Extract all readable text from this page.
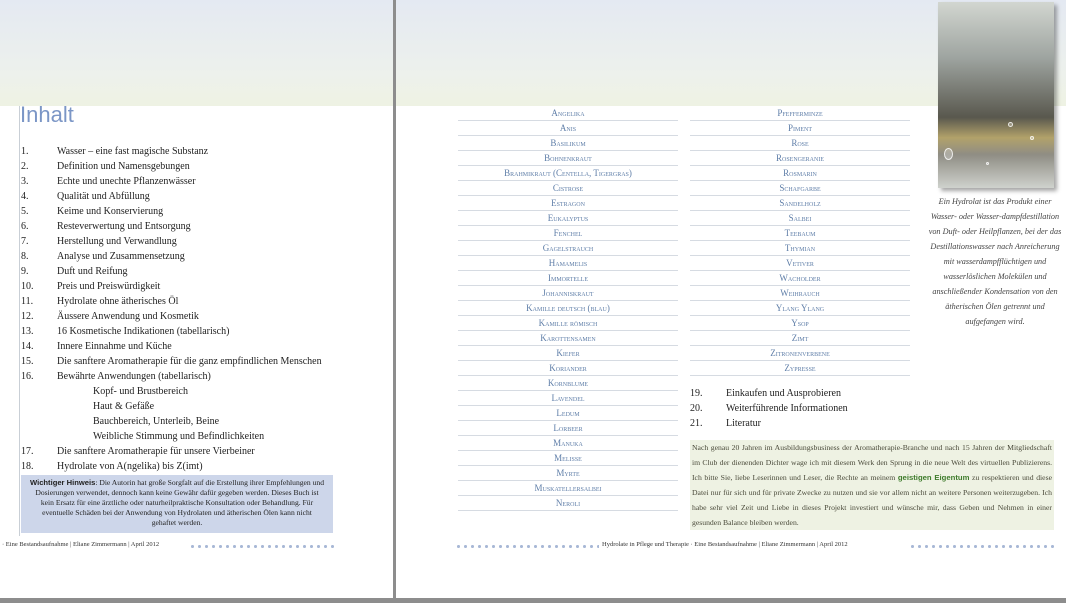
Inhalt
1.	Wasser – eine fast magische Substanz
2.	Definition und Namensgebungen
3.	Echte und unechte Pflanzenwässer
4.	Qualität und Abfüllung
5.	Keime und Konservierung
6.	Resteverwertung und Entsorgung
7.	Herstellung und Verwandlung
8.	Analyse und Zusammensetzung
9.	Duft und Reifung
10. Preis und Preiswürdigkeit
11. Hydrolate ohne ätherisches Öl
12. Äussere Anwendung und Kosmetik
13. 16 Kosmetische Indikationen (tabellarisch)
14. Innere Einnahme und Küche
15. Die sanftere Aromatherapie für die ganz empfindlichen Menschen
16. Bewährte Anwendungen (tabellarisch)
Kopf- und Brustbereich
Haut & Gefäße
Bauchbereich, Unterleib, Beine
Weibliche Stimmung und Befindlichkeiten
17. Die sanftere Aromatherapie für unsere Vierbeiner
18. Hydrolate von A(ngelika) bis Z(imt)
Wichtiger Hinweis: Die Autorin hat große Sorgfalt auf die Erstellung ihrer Empfehlungen und Dosierungen verwendet, dennoch kann keine Gewähr dafür gegeben werden. Dieses Buch ist kein Ersatz für eine ärztliche oder naturheilpraktische Konsultation oder Behandlung. Für eventuelle Schäden bei der Anwendung von Hydrolaten und ätherischen Ölen kann nicht gehaftet werden.
· Eine Bestandsaufnahme | Eliane Zimmermann | April 2012
Angelika
Anis
Basilikum
Bohnenkraut
Brahmikraut (Centella, Tigergras)
Cistrose
Estragon
Eukalyptus
Fenchel
Gagelstrauch
Hamamelis
Immortelle
Johanniskraut
Kamille deutsch (blau)
Kamille römisch
Karottensamen
Kiefer
Koriander
Kornblume
Lavendel
Ledum
Lorbeer
Manuka
Melisse
Myrte
Muskatellersalbei
Neroli
Pfefferminze
Piment
Rose
Rosengeranie
Rosmarin
Schafgarbe
Sandelholz
Salbei
Teebaum
Thymian
Vetiver
Wacholder
Weihrauch
Ylang Ylang
Ysop
Zimt
Zitronenverbene
Zypresse
19. Einkaufen und Ausprobieren
20. Weiterführende Informationen
21. Literatur
Nach genau 20 Jahren im Ausbildungsbusiness der Aromatherapie-Branche und nach 15 Jahren der Mitgliedschaft im Club der dienenden Dichter wage ich mit diesem Werk den Sprung in die neue Welt des virtuellen Publizierens. Ich bitte Sie, liebe Leserinnen und Leser, die Rechte an meinem geistigen Eigentum zu respektieren und diese Datei nur für sich und für private Zwecke zu nutzen und sie vor allem nicht an weitere Personen weiterzugeben. Ich habe sehr viel Zeit und Liebe in dieses Projekt investiert und wünsche mir, dass Geben und Nehmen in einer gesunden Balance bleiben werden.
Ein Hydrolat ist das Produkt einer Wasser- oder Wasser-dampfdestillation von Duft- oder Heilpflanzen, bei der das Destillationswasser nach Anreicherung mit wasserdampfflüchtigen und wasserlöslichen Molekülen und anschließender Kondensation von den ätherischen Ölen getrennt und aufgefangen wird.
Hydrolate in Pflege und Therapie · Eine Bestandsaufnahme | Eliane Zimmermann | April 2012
